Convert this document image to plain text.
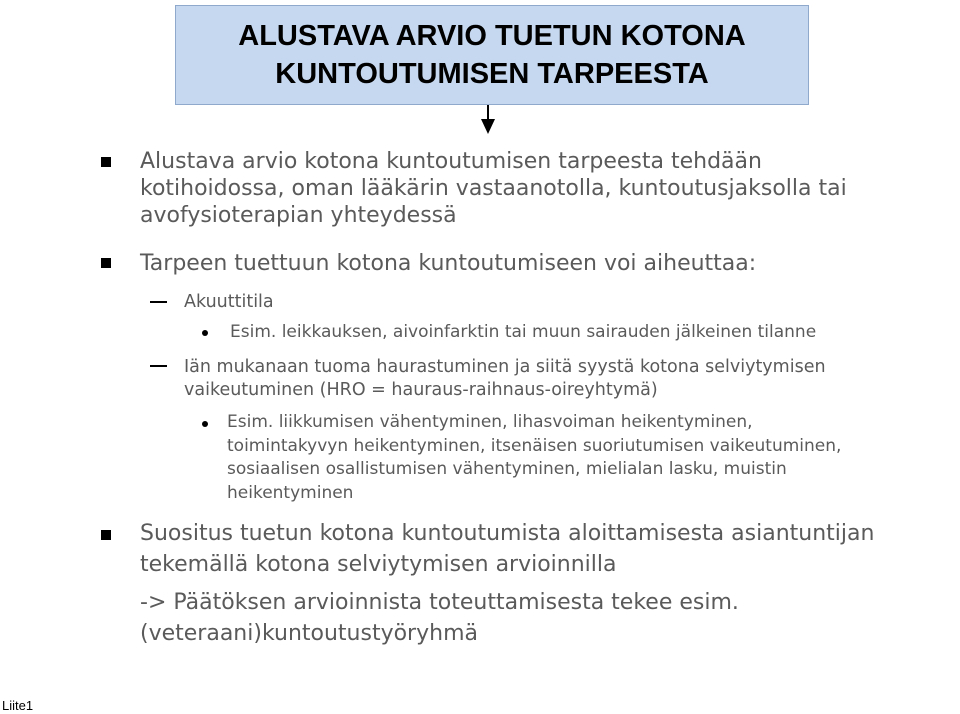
ALUSTAVA ARVIO TUETUN KOTONA
KUNTOUTUMISEN TARPEESTA
Alustava arvio kotona kuntoutumisen tarpeesta tehdään
kotihoidossa, oman lääkärin vastaanotolla, kuntoutusjaksolla tai
avofysioterapian yhteydessä
Tarpeen tuettuun kotona kuntoutumiseen voi aiheuttaa:
Akuuttitila
Esim. leikkauksen, aivoinfarktin tai muun sairauden jälkeinen tilanne
Iän mukanaan tuoma haurastuminen ja siitä syystä kotona selviytymisen
vaikeutuminen (HRO = hauraus-raihnaus-oireyhtymä)
Esim. liikkumisen vähentyminen, lihasvoiman heikentyminen,
toimintakyvyn heikentyminen, itsenäisen suoriutumisen vaikeutuminen,
sosiaalisen osallistumisen vähentyminen, mielialan lasku, muistin
heikentyminen
Suositus tuetun kotona kuntoutumista aloittamisesta asiantuntijan
tekemällä kotona selviytymisen arvioinnilla
-> Päätöksen arvioinnista toteuttamisesta tekee esim.
(veteraani)kuntoutustyöryhmä
Liite1
